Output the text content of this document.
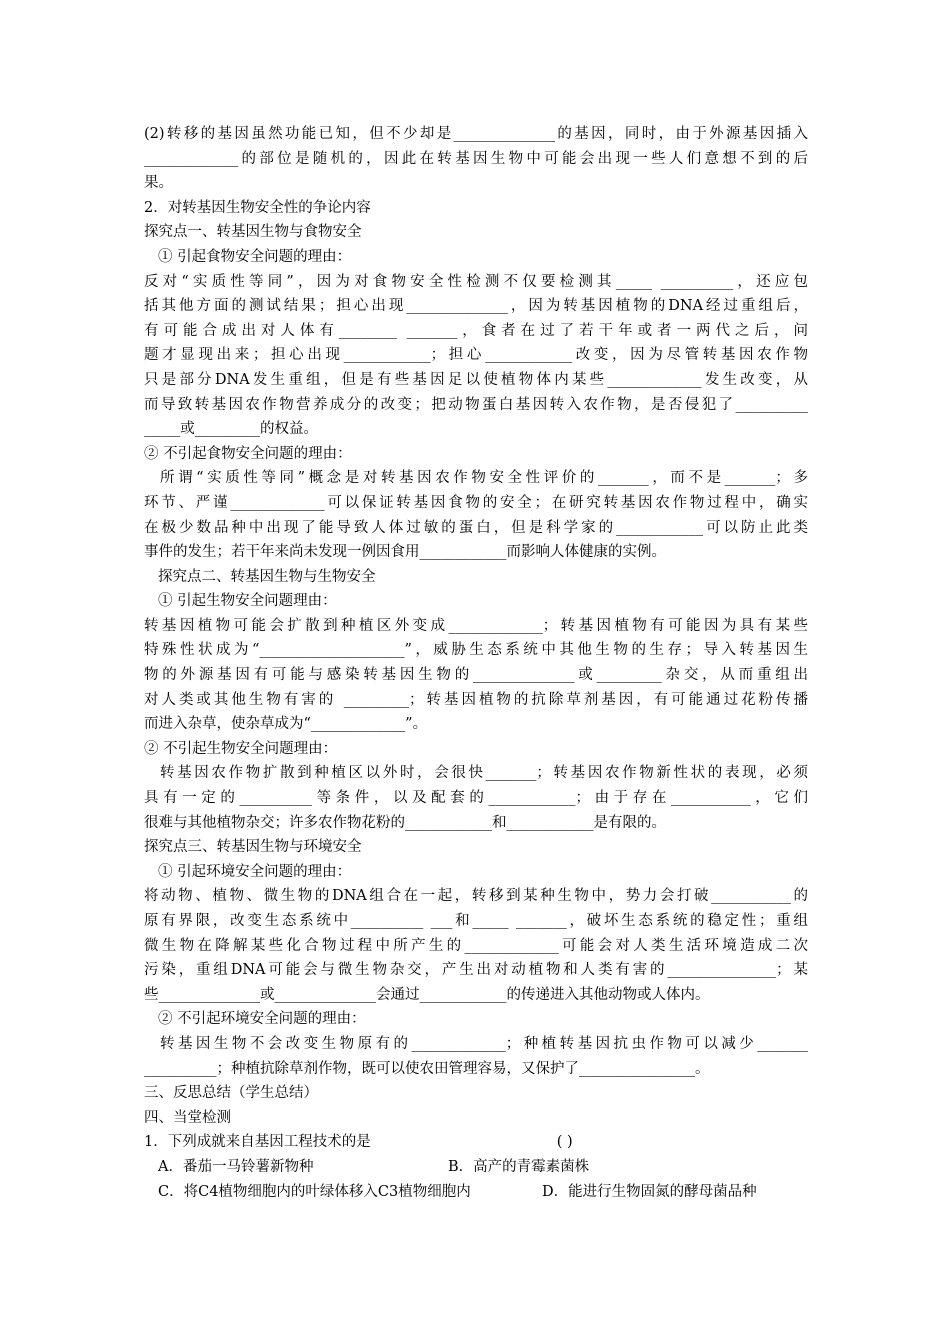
(2)转移的基因虽然功能已知，但不少却是______________的基因，同时，由于外源基因插入
_____________的部位是随机的，因此在转基因生物中可能会出现一些人们意想不到的后
果。
2．对转基因生物安全性的争论内容
探究点一、转基因生物与食物安全
① 引起食物安全问题的理由：
反对“实质性等同”，因为对食物安全性检测不仅要检测其_____ __________，还应包
括其他方面的测试结果；担心出现______________，因为转基因植物的DNA经过重组后，
有可能合成出对人体有________ _______，食者在过了若干年或者一两代之后，问
题才显现出来；担心出现____________；担心____________改变，因为尽管转基因农作物
只是部分DNA发生重组，但是有些基因足以使植物体内某些_____________发生改变，从
而导致转基因农作物营养成分的改变；把动物蛋白基因转入农作物，是否侵犯了__________
_____或_________的权益。
② 不引起食物安全问题的理由：
所谓“实质性等同”概念是对转基因农作物安全性评价的_______，而不是_______；多
环节、严谨_____________可以保证转基因食物的安全；在研究转基因农作物过程中，确实
在极少数品种中出现了能导致人体过敏的蛋白，但是科学家的____________可以防止此类
事件的发生；若干年来尚未发现一例因食用____________而影响人体健康的实例。
探究点二、转基因生物与生物安全
① 引起生物安全问题理由：
转基因植物可能会扩散到种植区外变成_____________；转基因植物有可能因为具有某些
特殊性状成为“____________________”，威胁生态系统中其他生物的生存；导入转基因生
物的外源基因有可能与感染转基因生物的______________或_________杂交，从而重组出
对人类或其他生物有害的 _________；转基因植物的抗除草剂基因，有可能通过花粉传播
而进入杂草，使杂草成为“_____________”。
② 不引起生物安全问题理由：
转基因农作物扩散到种植区以外时，会很快_______；转基因农作物新性状的表现，必须
具有一定的__________等条件，以及配套的____________；由于存在___________，它们
很难与其他植物杂交；许多农作物花粉的____________和____________是有限的。
探究点三、转基因生物与环境安全
① 引起环境安全问题的理由：
将动物、植物、微生物的DNA组合在一起，转移到某种生物中，势力会打破___________的
原有界限，改变生态系统中__________ ___和_____ _______，破坏生态系统的稳定性；重组
微生物在降解某些化合物过程中所产生的_____________可能会对人类生活环境造成二次
污染，重组DNA可能会与微生物杂交，产生出对动植物和人类有害的_______________；某
些______________或______________会通过____________的传递进入其他动物或人体内。
② 不引起环境安全问题的理由：
转基因生物不会改变生物原有的_____________；种植转基因抗虫作物可以减少_______
__________；种植抗除草剂作物，既可以使农田管理容易，又保护了________________。
三、反思总结（学生总结）
四、当堂检测
1．下列成就来自基因工程技术的是	( )
A．番茄一马铃薯新物种	B．高产的青霉素菌株
C．将C4植物细胞内的叶绿体移入C3植物细胞内	D．能进行生物固氮的酵母菌品种
